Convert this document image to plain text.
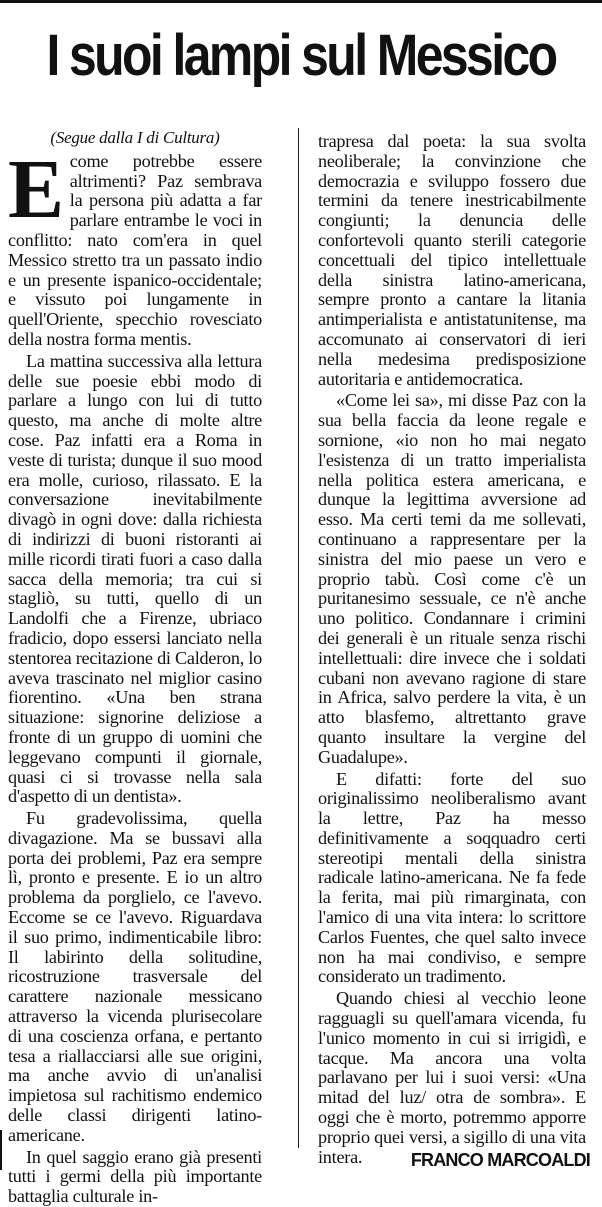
I suoi lampi sul Messico
(Segue dalla I di Cultura)

Ecome potrebbe essere altrimenti? Paz sembrava la persona più adatta a far parlare entrambe le voci in conflitto: nato com'era in quel Messico stretto tra un passato indio e un presente ispanico-occidentale; e vissuto poi lungamente in quell'Oriente, specchio rovesciato della nostra forma mentis.

La mattina successiva alla lettura delle sue poesie ebbi modo di parlare a lungo con lui di tutto questo, ma anche di molte altre cose. Paz infatti era a Roma in veste di turista; dunque il suo mood era molle, curioso, rilassato. E la conversazione inevitabilmente divagò in ogni dove: dalla richiesta di indirizzi di buoni ristoranti ai mille ricordi tirati fuori a caso dalla sacca della memoria; tra cui si stagliò, su tutti, quello di un Landolfi che a Firenze, ubriaco fradicio, dopo essersi lanciato nella stentorea recitazione di Calderon, lo aveva trascinato nel miglior casino fiorentino. «Una ben strana situazione: signorine deliziose a fronte di un gruppo di uomini che leggevano compunti il giornale, quasi ci si trovasse nella sala d'aspetto di un dentista».

Fu gradevolissima, quella divagazione. Ma se bussavi alla porta dei problemi, Paz era sempre lì, pronto e presente. E io un altro problema da porglielo, ce l'avevo. Eccome se ce l'avevo. Riguardava il suo primo, indimenticabile libro: Il labirinto della solitudine, ricostruzione trasversale del carattere nazionale messicano attraverso la vicenda plurisecolare di una coscienza orfana, e pertanto tesa a riallacciarsi alle sue origini, ma anche avvio di un'analisi impietosa sul rachitismo endemico delle classi dirigenti latino-americane.

In quel saggio erano già presenti tutti i germi della più importante battaglia culturale in-

trapresa dal poeta: la sua svolta neoliberale; la convinzione che democrazia e sviluppo fossero due termini da tenere inestricabilmente congiunti; la denuncia delle confortevoli quanto sterili categorie concettuali del tipico intellettuale della sinistra latino-americana, sempre pronto a cantare la litania antimperialista e antistatunitense, ma accomunato ai conservatori di ieri nella medesima predisposizione autoritaria e antidemocratica.

«Come lei sa», mi disse Paz con la sua bella faccia da leone regale e sornione, «io non ho mai negato l'esistenza di un tratto imperialista nella politica estera americana, e dunque la legittima avversione ad esso. Ma certi temi da me sollevati, continuano a rappresentare per la sinistra del mio paese un vero e proprio tabù. Così come c'è un puritanesimo sessuale, ce n'è anche uno politico. Condannare i crimini dei generali è un rituale senza rischi intellettuali: dire invece che i soldati cubani non avevano ragione di stare in Africa, salvo perdere la vita, è un atto blasfemo, altrettanto grave quanto insultare la vergine del Guadalupe».

E difatti: forte del suo originalissimo neoliberalismo avant la lettre, Paz ha messo definitivamente a soqquadro certi stereotipi mentali della sinistra radicale latino-americana. Ne fa fede la ferita, mai più rimarginata, con l'amico di una vita intera: lo scrittore Carlos Fuentes, che quel salto invece non ha mai condiviso, e sempre considerato un tradimento.

Quando chiesi al vecchio leone ragguagli su quell'amara vicenda, fu l'unico momento in cui si irrigidì, e tacque. Ma ancora una volta parlavano per lui i suoi versi: «Una mitad del luz/ otra de sombra». E oggi che è morto, potremmo apporre proprio quei versi, a sigillo di una vita intera.	FRANCO MARCOALDI
